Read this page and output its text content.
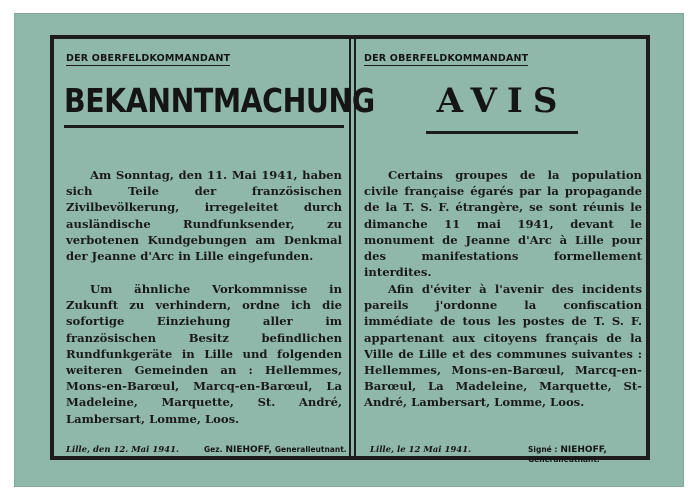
DER OBERFELDKOMMANDANT
BEKANNTMACHUNG
Am Sonntag, den 11. Mai 1941, haben sich Teile der französischen Zivilbevölkerung, irregeleitet durch ausländische Rundfunksender, zu verbotenen Kundgebungen am Denkmal der Jeanne d'Arc in Lille eingefunden.
Um ähnliche Vorkommnisse in Zukunft zu verhindern, ordne ich die sofortige Einziehung aller im französischen Besitz befindlichen Rundfunkgeräte in Lille und folgenden weiteren Gemeinden an : Hellemmes, Mons-en-Barœul, Marcq-en-Barœul, La Madeleine, Marquette, St. André, Lambersart, Lomme, Loos.
Lille, den 12. Mai 1941.	Gez. NIEHOFF, Generalleutnant.
DER OBERFELDKOMMANDANT
AVIS
Certains groupes de la population civile française égarés par la propagande de la T. S. F. étrangère, se sont réunis le dimanche 11 mai 1941, devant le monument de Jeanne d'Arc à Lille pour des manifestations formellement interdites.
Afin d'éviter à l'avenir des incidents pareils j'ordonne la confiscation immédiate de tous les postes de T. S. F. appartenant aux citoyens français de la Ville de Lille et des communes suivantes : Hellemmes, Mons-en-Barœul, Marcq-en-Barœul, La Madeleine, Marquette, St-André, Lambersart, Lomme, Loos.
Lille, le 12 Mai 1941.	Signé : NIEHOFF, Generalleutnant.
